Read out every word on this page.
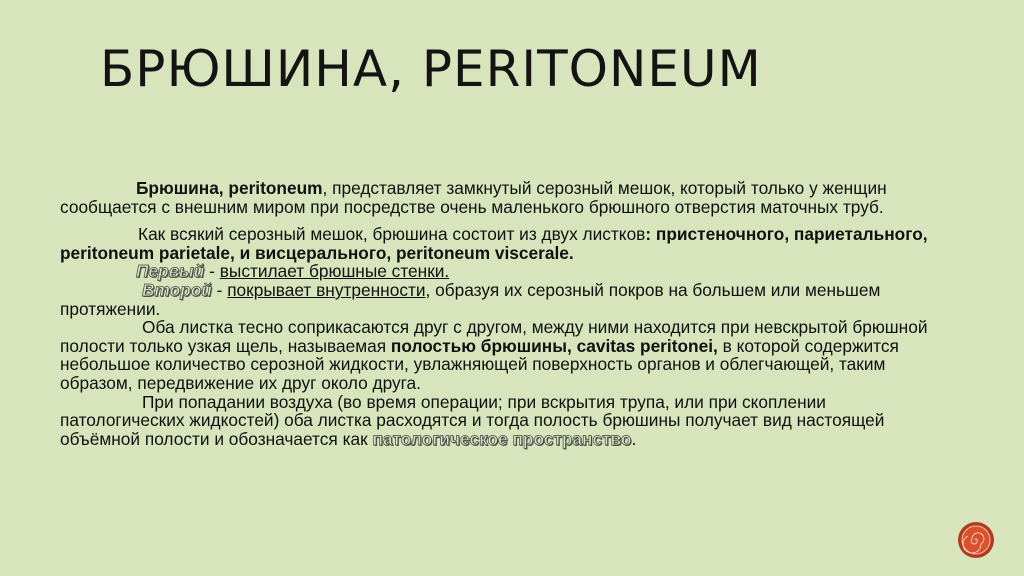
БРЮШИНА, PERITONEUM

Брюшина, peritoneum, представляет замкнутый серозный мешок, который только у женщин сообщается с внешним миром при посредстве очень маленького брюшного отверстия маточных труб.

Как всякий серозный мешок, брюшина состоит из двух листков: пристеночного, париетального, peritoneum parietale, и висцерального, peritoneum viscerale.

Первый - выстилает брюшные стенки.

Второй - покрывает внутренности, образуя их серозный покров на большем или меньшем протяжении.

Оба листка тесно соприкасаются друг с другом, между ними находится при невскрытой брюшной полости только узкая щель, называемая полостью брюшины, cavitas peritonei, в которой содержится небольшое количество серозной жидкости, увлажняющей поверхность органов и облегчающей, таким образом, передвижение их друг около друга.

При попадании воздуха (во время операции; при вскрытия трупа, или при скоплении патологических жидкостей) оба листка расходятся и тогда полость брюшины получает вид настоящей объёмной полости и обозначается как патологическое пространство.
